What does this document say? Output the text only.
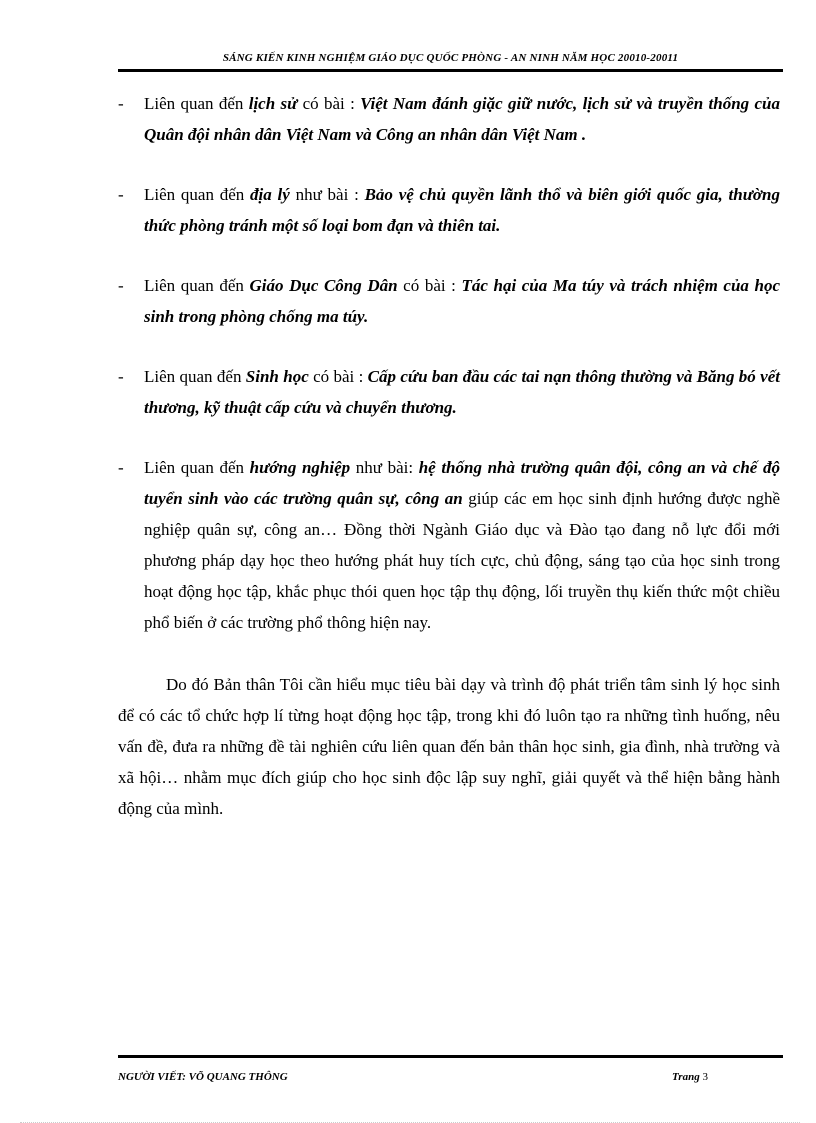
SÁNG KIẾN KINH NGHIỆM GIÁO DỤC QUỐC PHÒNG - AN NINH NĂM HỌC 20010-20011
- Liên quan đến lịch sử có bài : Việt Nam đánh giặc giữ nước, lịch sử và truyền thống của Quân đội nhân dân Việt Nam và Công an nhân dân Việt Nam .
- Liên quan đến địa lý như bài : Bảo vệ chủ quyền lãnh thổ và biên giới quốc gia, thường thức phòng tránh một số loại bom đạn và thiên tai.
- Liên quan đến Giáo Dục Công Dân có bài : Tác hại của Ma túy và trách nhiệm của học sinh trong phòng chống ma túy.
- Liên quan đến Sinh học có bài : Cấp cứu ban đầu các tai nạn thông thường và Băng bó vết thương, kỹ thuật cấp cứu và chuyển thương.
- Liên quan đến hướng nghiệp như bài: hệ thống nhà trường quân đội, công an và chế độ tuyển sinh vào các trường quân sự, công an giúp các em học sinh định hướng được nghề nghiệp quân sự, công an… Đồng thời Ngành Giáo dục và Đào tạo đang nỗ lực đổi mới phương pháp dạy học theo hướng phát huy tích cực, chủ động, sáng tạo của học sinh trong hoạt động học tập, khắc phục thói quen học tập thụ động, lối truyền thụ kiến thức một chiều phổ biến ở các trường phổ thông hiện nay.
Do đó Bản thân Tôi cần hiểu mục tiêu bài dạy và trình độ phát triển tâm sinh lý học sinh để có các tổ chức hợp lí từng hoạt động học tập, trong khi đó luôn tạo ra những tình huống, nêu vấn đề, đưa ra những đề tài nghiên cứu liên quan đến bản thân học sinh, gia đình, nhà trường và xã hội… nhằm mục đích giúp cho học sinh độc lập suy nghĩ, giải quyết và thể hiện bằng hành động của mình.
NGƯỜI VIẾT: VÕ QUANG THÔNG	Trang 3
